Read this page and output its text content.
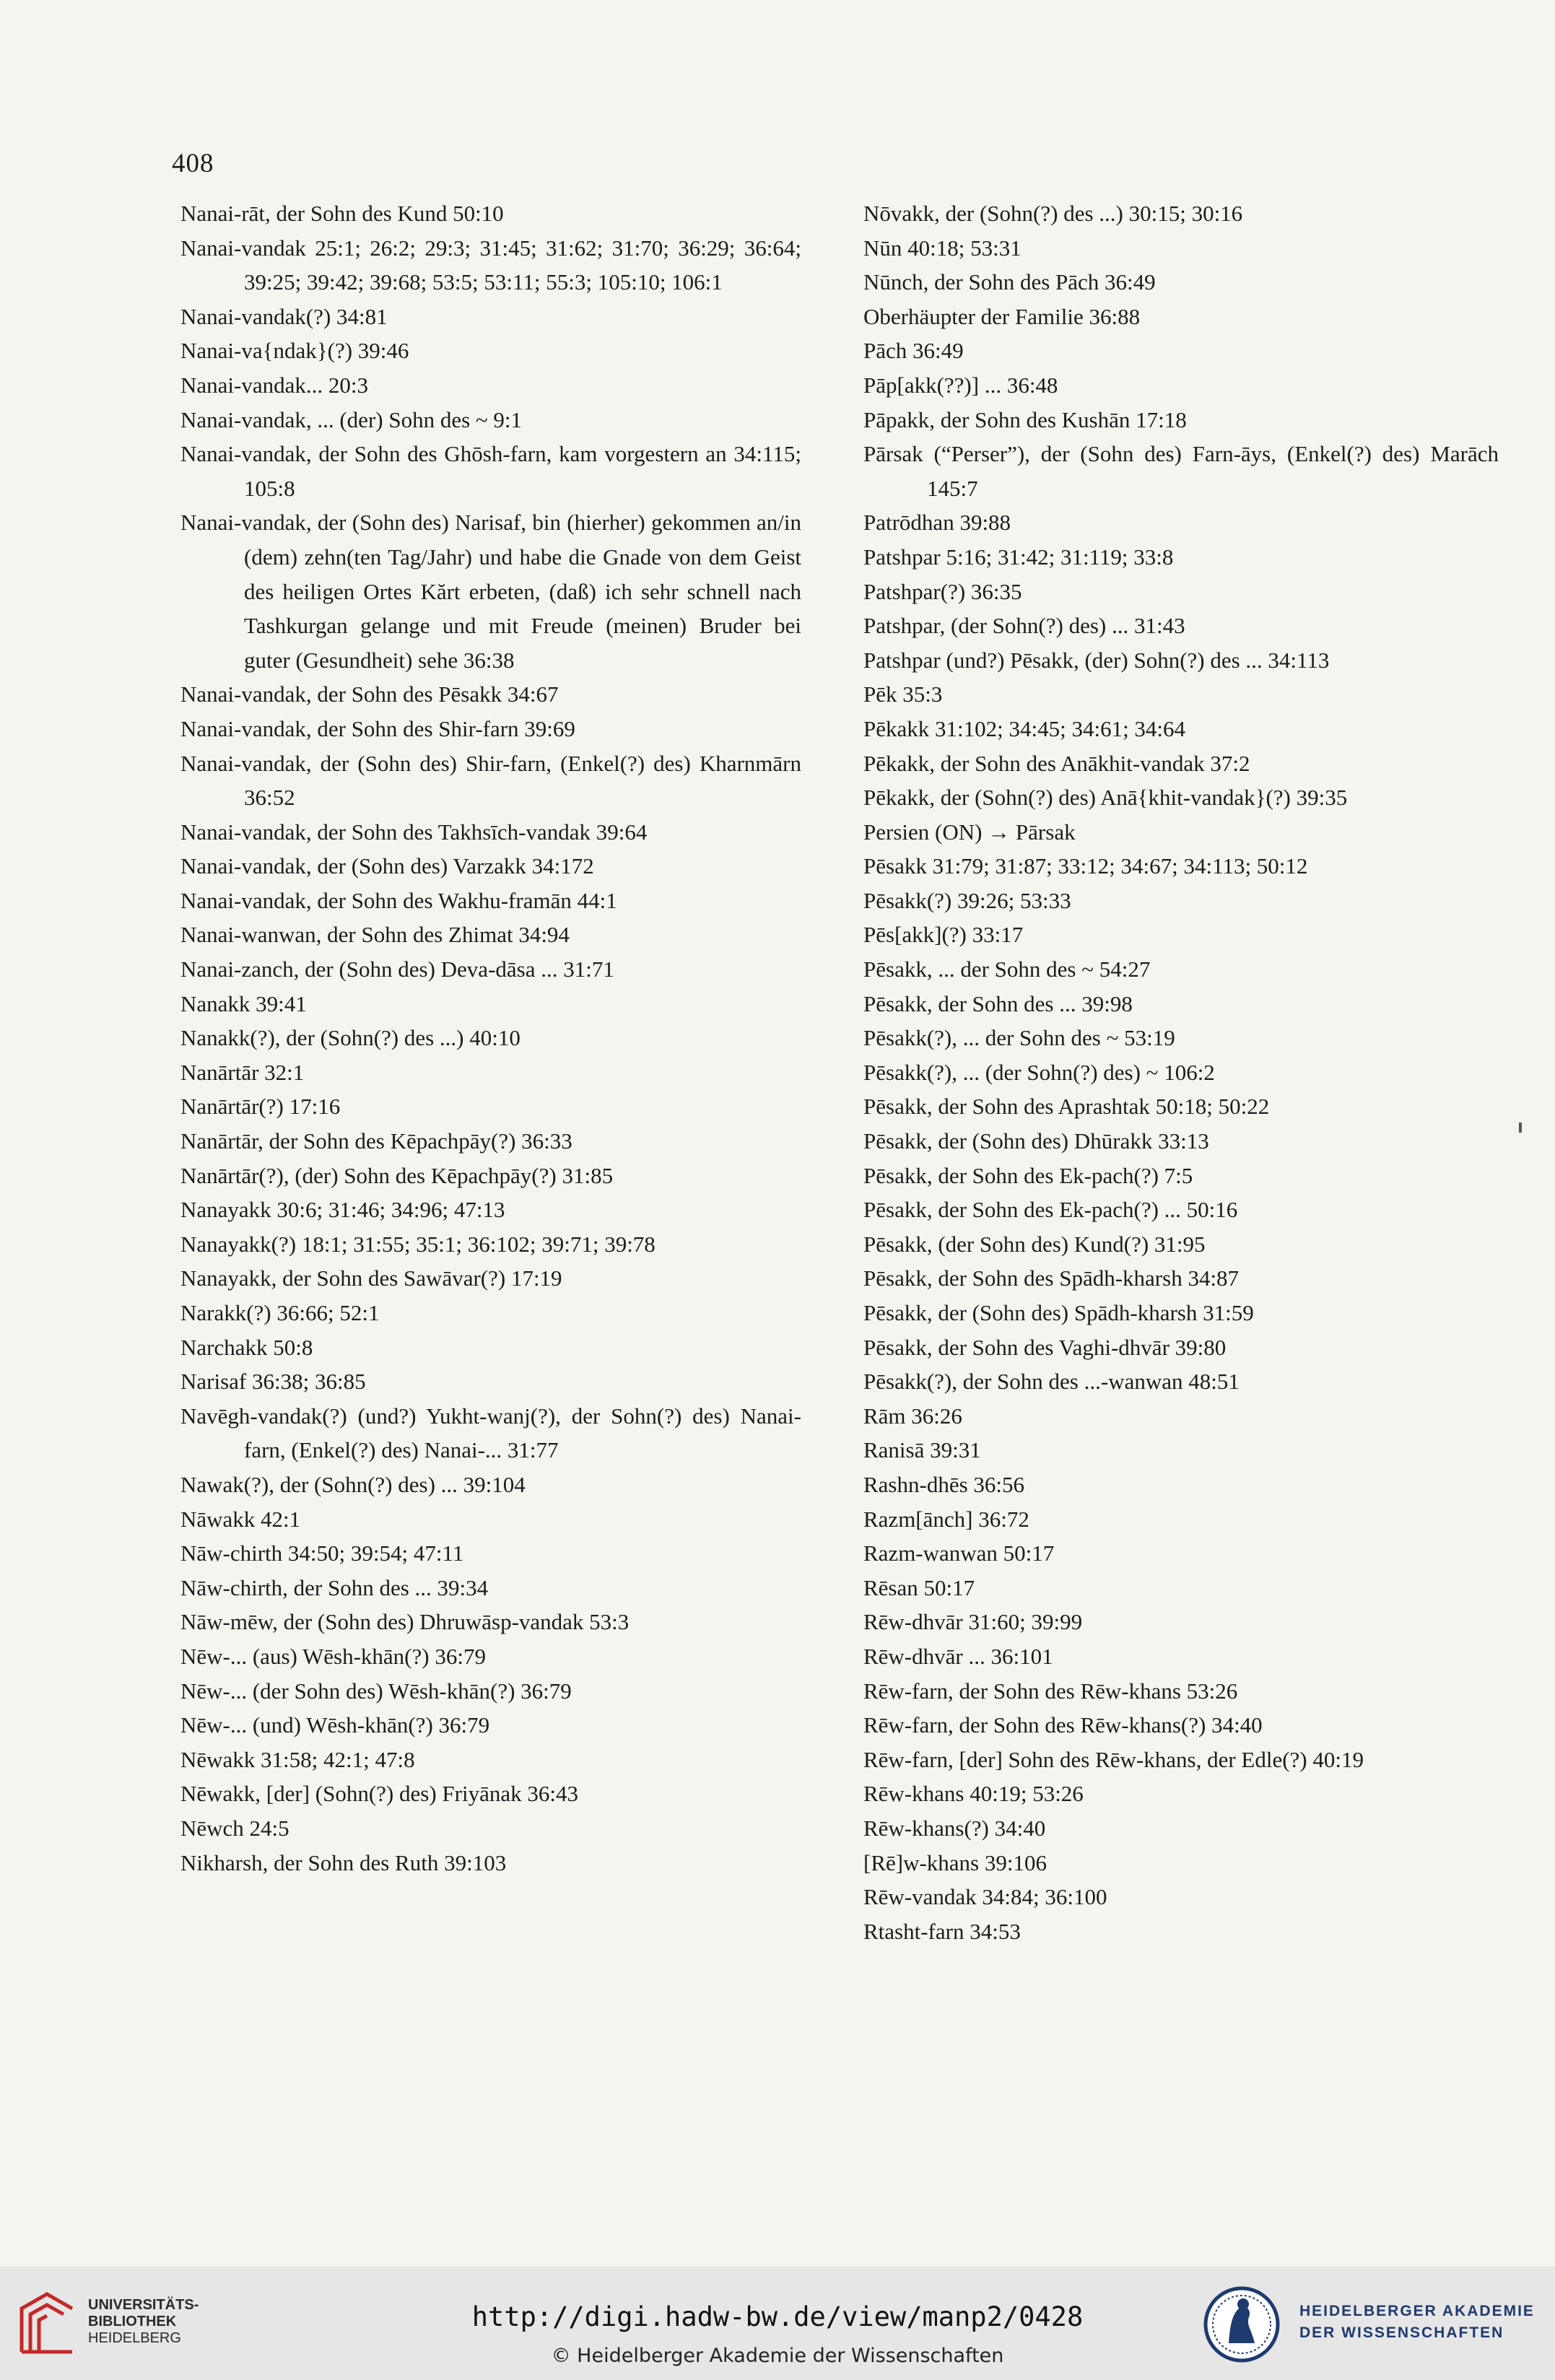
408

Nanai-rāt, der Sohn des Kund 50:10

Nanai-vandak 25:1; 26:2; 29:3; 31:45; 31:62; 31:70; 36:29; 36:64; 39:25; 39:42; 39:68; 53:5; 53:11; 55:3; 105:10; 106:1

Nanai-vandak(?) 34:81

Nanai-va{ndak}(?) 39:46

Nanai-vandak... 20:3

Nanai-vandak, ... (der) Sohn des ~ 9:1

Nanai-vandak, der Sohn des Ghōsh-farn, kam vorgestern an 34:115; 105:8

Nanai-vandak, der (Sohn des) Narisaf, bin (hierher) gekommen an/in (dem) zehn(ten Tag/Jahr) und habe die Gnade von dem Geist des heiligen Ortes Kărt erbeten, (daß) ich sehr schnell nach Tashkurgan gelange und mit Freude (meinen) Bruder bei guter (Gesundheit) sehe 36:38

Nanai-vandak, der Sohn des Pēsakk 34:67

Nanai-vandak, der Sohn des Shir-farn 39:69

Nanai-vandak, der (Sohn des) Shir-farn, (Enkel(?) des) Kharnmārn 36:52

Nanai-vandak, der Sohn des Takhsīch-vandak 39:64

Nanai-vandak, der (Sohn des) Varzakk 34:172

Nanai-vandak, der Sohn des Wakhu-framān 44:1

Nanai-wanwan, der Sohn des Zhimat 34:94

Nanai-zanch, der (Sohn des) Deva-dāsa ... 31:71

Nanakk 39:41

Nanakk(?), der (Sohn(?) des ...) 40:10

Nanārtār 32:1

Nanārtār(?) 17:16

Nanārtār, der Sohn des Kēpachpāy(?) 36:33

Nanārtār(?), (der) Sohn des Kēpachpāy(?) 31:85

Nanayakk 30:6; 31:46; 34:96; 47:13

Nanayakk(?) 18:1; 31:55; 35:1; 36:102; 39:71; 39:78

Nanayakk, der Sohn des Sawāvar(?) 17:19

Narakk(?) 36:66; 52:1

Narchakk 50:8

Narisaf 36:38; 36:85

Navēgh-vandak(?) (und?) Yukht-wanj(?), der Sohn(?) des) Nanai-farn, (Enkel(?) des) Nanai-... 31:77

Nawak(?), der (Sohn(?) des) ... 39:104

Nāwakk 42:1

Nāw-chirth 34:50; 39:54; 47:11

Nāw-chirth, der Sohn des ... 39:34

Nāw-mēw, der (Sohn des) Dhruwāsp-vandak 53:3

Nēw-... (aus) Wēsh-khān(?) 36:79

Nēw-... (der Sohn des) Wēsh-khān(?) 36:79

Nēw-... (und) Wēsh-khān(?) 36:79

Nēwakk 31:58; 42:1; 47:8

Nēwakk, [der] (Sohn(?) des) Friyānak 36:43

Nēwch 24:5

Nikharsh, der Sohn des Ruth 39:103

Nōvakk, der (Sohn(?) des ...) 30:15; 30:16

Nūn 40:18; 53:31

Nūnch, der Sohn des Pāch 36:49

Oberhäupter der Familie 36:88

Pāch 36:49

Pāp[akk(??)] ... 36:48

Pāpakk, der Sohn des Kushān 17:18

Pārsak (“Perser”), der (Sohn des) Farn-āys, (Enkel(?) des) Marāch 145:7

Patrōdhan 39:88

Patshpar 5:16; 31:42; 31:119; 33:8

Patshpar(?) 36:35

Patshpar, (der Sohn(?) des) ... 31:43

Patshpar (und?) Pēsakk, (der) Sohn(?) des ... 34:113

Pēk 35:3

Pēkakk 31:102; 34:45; 34:61; 34:64

Pēkakk, der Sohn des Anākhit-vandak 37:2

Pēkakk, der (Sohn(?) des) Anā{khit-vandak}(?) 39:35

Persien (ON) → Pārsak

Pēsakk 31:79; 31:87; 33:12; 34:67; 34:113; 50:12

Pēsakk(?) 39:26; 53:33

Pēs[akk](?) 33:17

Pēsakk, ... der Sohn des ~ 54:27

Pēsakk, der Sohn des ... 39:98

Pēsakk(?), ... der Sohn des ~ 53:19

Pēsakk(?), ... (der Sohn(?) des) ~ 106:2

Pēsakk, der Sohn des Aprashtak 50:18; 50:22

Pēsakk, der (Sohn des) Dhūrakk 33:13

Pēsakk, der Sohn des Ek-pach(?) 7:5

Pēsakk, der Sohn des Ek-pach(?) ... 50:16

Pēsakk, (der Sohn des) Kund(?) 31:95

Pēsakk, der Sohn des Spādh-kharsh 34:87

Pēsakk, der (Sohn des) Spādh-kharsh 31:59

Pēsakk, der Sohn des Vaghi-dhvār 39:80

Pēsakk(?), der Sohn des ...-wanwan 48:51

Rām 36:26

Ranisā 39:31

Rashn-dhēs 36:56

Razm[ānch] 36:72

Razm-wanwan 50:17

Rēsan 50:17

Rēw-dhvār 31:60; 39:99

Rēw-dhvār ... 36:101

Rēw-farn, der Sohn des Rēw-khans 53:26

Rēw-farn, der Sohn des Rēw-khans(?) 34:40

Rēw-farn, [der] Sohn des Rēw-khans, der Edle(?) 40:19

Rēw-khans 40:19; 53:26

Rēw-khans(?) 34:40

[Rē]w-khans 39:106

Rēw-vandak 34:84; 36:100

Rtasht-farn 34:53

UNIVERSITÄTS-
BIBLIOTHEK
HEIDELBERG
http://digi.hadw-bw.de/view/manp2/0428
© Heidelberger Akademie der Wissenschaften
HEIDELBERGER AKADEMIE
DER WISSENSCHAFTEN
